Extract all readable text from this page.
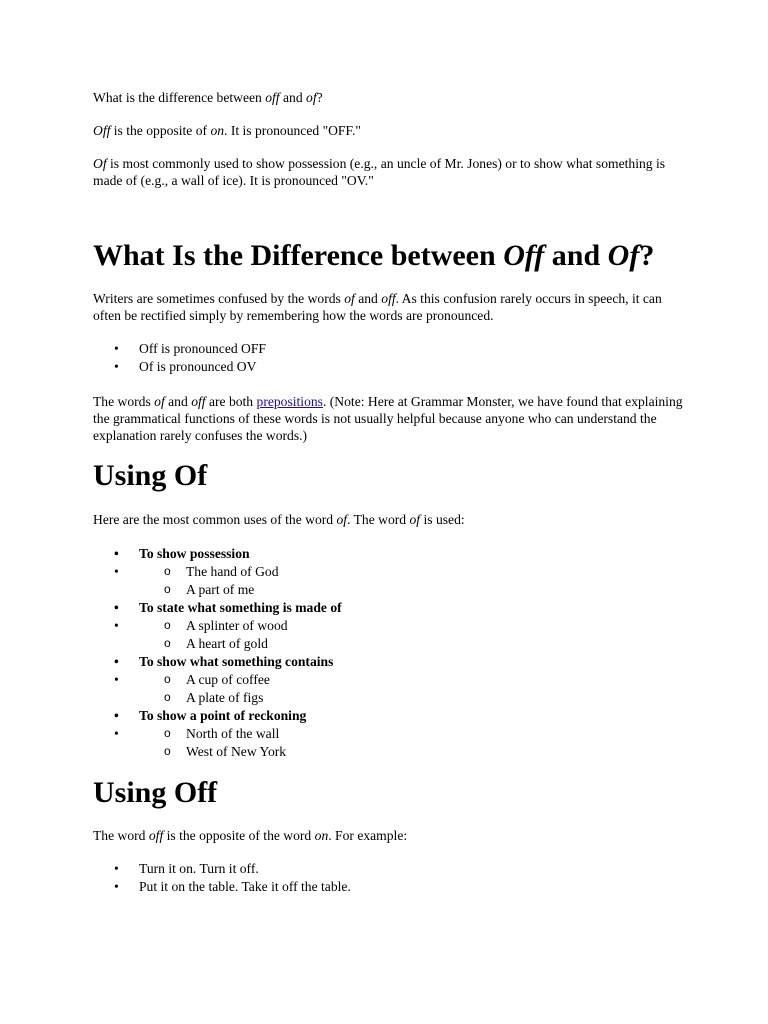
What is the difference between off and of?

Off is the opposite of on. It is pronounced "OFF."

Of is most commonly used to show possession (e.g., an uncle of Mr. Jones) or to show what something is made of (e.g., a wall of ice). It is pronounced "OV."

What Is the Difference between Off and Of?

Writers are sometimes confused by the words of and off. As this confusion rarely occurs in speech, it can often be rectified simply by remembering how the words are pronounced.

• Off is pronounced OFF
• Of is pronounced OV

The words of and off are both prepositions. (Note: Here at Grammar Monster, we have found that explaining the grammatical functions of these words is not usually helpful because anyone who can understand the explanation rarely confuses the words.)

Using Of

Here are the most common uses of the word of. The word of is used:

• To show possession
o • The hand of God
o A part of me
• To state what something is made of
o • A splinter of wood
o A heart of gold
• To show what something contains
o • A cup of coffee
o A plate of figs
• To show a point of reckoning
o • North of the wall
o West of New York
Using Off

The word off is the opposite of the word on. For example:

• Turn it on. Turn it off.
• Put it on the table. Take it off the table.
